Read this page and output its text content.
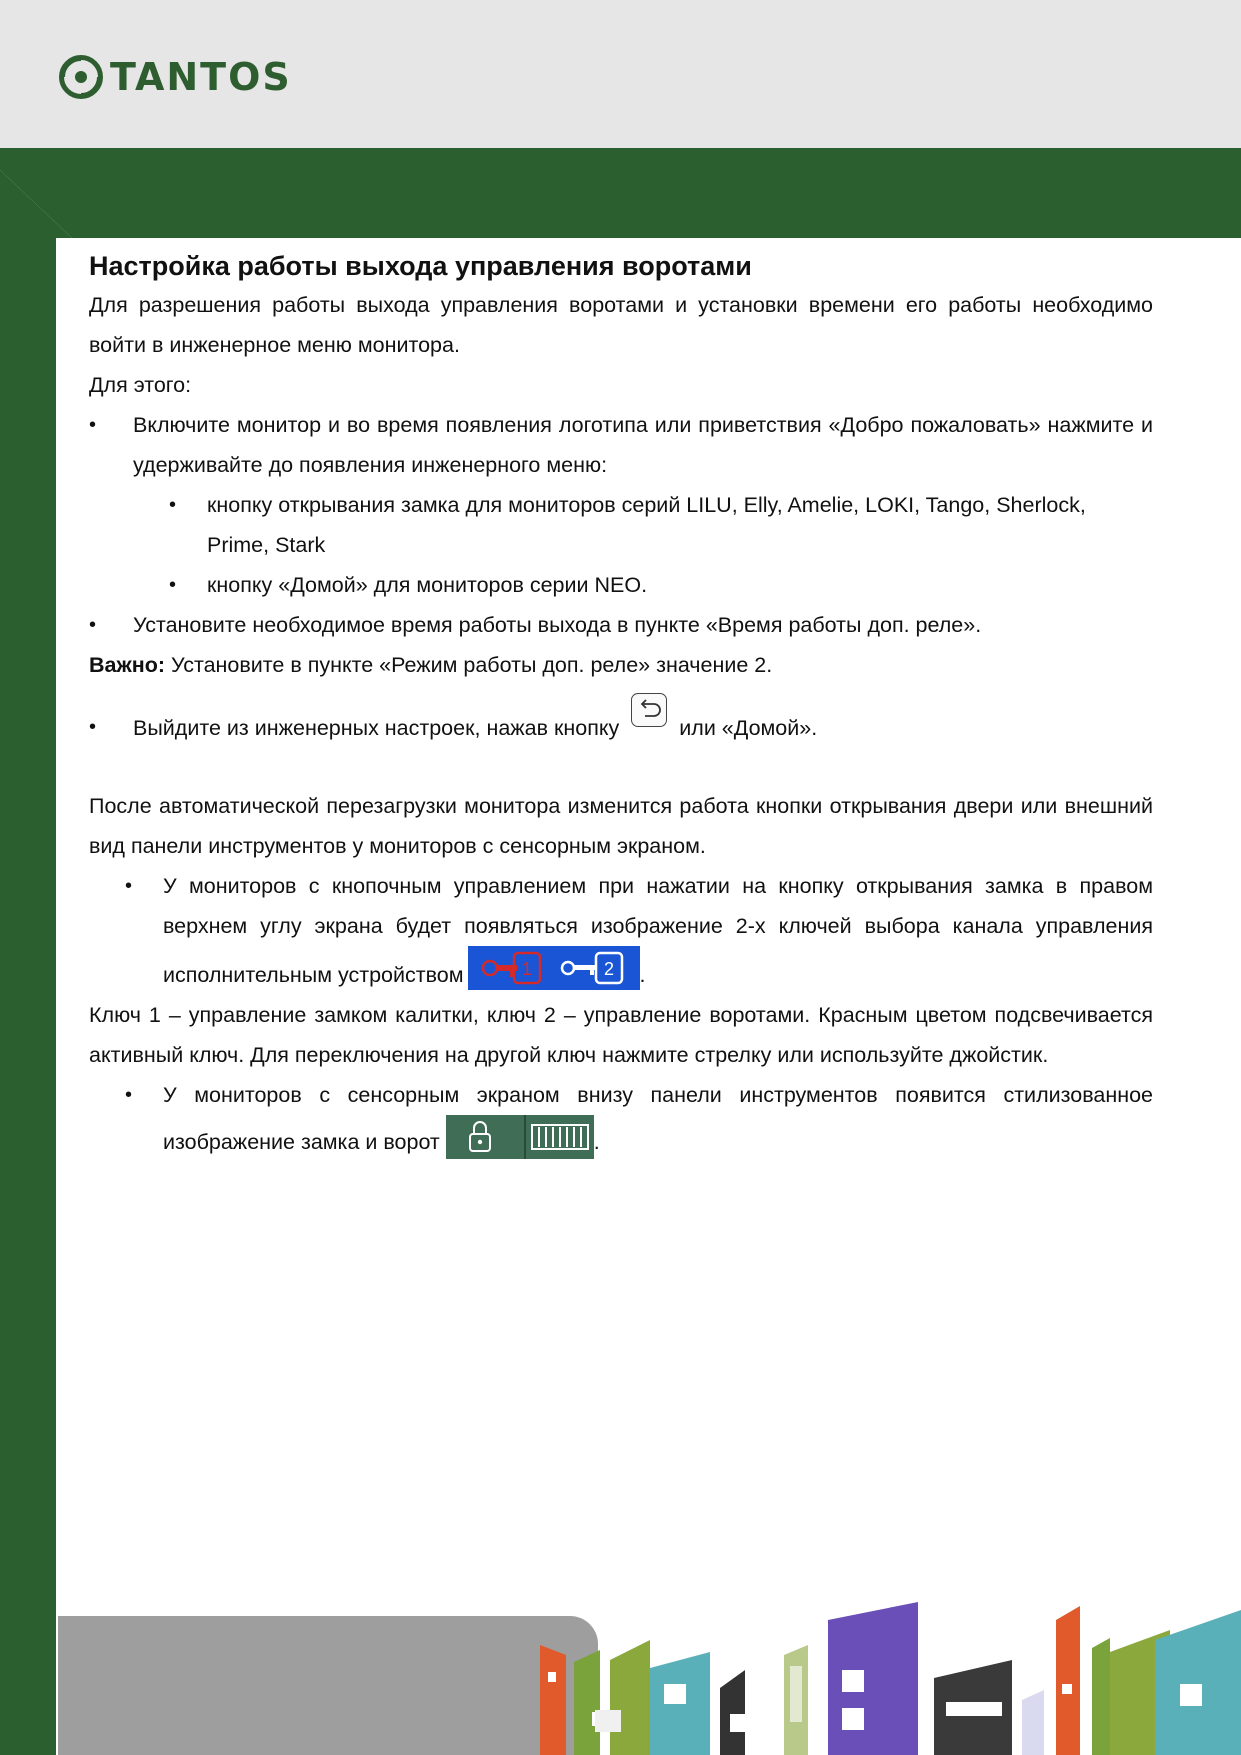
TANTOS

Настройка работы выхода управления воротами

Для разрешения работы выхода управления воротами и установки времени его работы необходимо войти в инженерное меню монитора.

Для этого:

• Включите монитор и во время появления логотипа или приветствия «Добро пожаловать» нажмите и удерживайте до появления инженерного меню:
• кнопку открывания замка для мониторов серий LILU, Elly, Amelie, LOKI, Tango, Sherlock, Prime, Stark
• кнопку «Домой» для мониторов серии NEO.
• Установите необходимое время работы выхода в пункте «Время работы доп. реле».

Важно: Установите в пункте «Режим работы доп. реле» значение 2.

• Выйдите из инженерных настроек, нажав кнопку	или «Домой».

После автоматической перезагрузки монитора изменится работа кнопки открывания двери или внешний вид панели инструментов у мониторов с сенсорным экраном.

• У мониторов с кнопочным управлением при нажатии на кнопку открывания замка в правом верхнем углу экрана будет появляться изображение 2-х ключей выбора канала управления исполнительным устройством	1	2 .

Ключ 1 – управление замком калитки, ключ 2 – управление воротами. Красным цветом подсвечивается активный ключ. Для переключения на другой ключ нажмите стрелку или используйте джойстик.

• У мониторов с сенсорным экраном внизу панели инструментов появится стилизованное изображение замка и ворот	.
